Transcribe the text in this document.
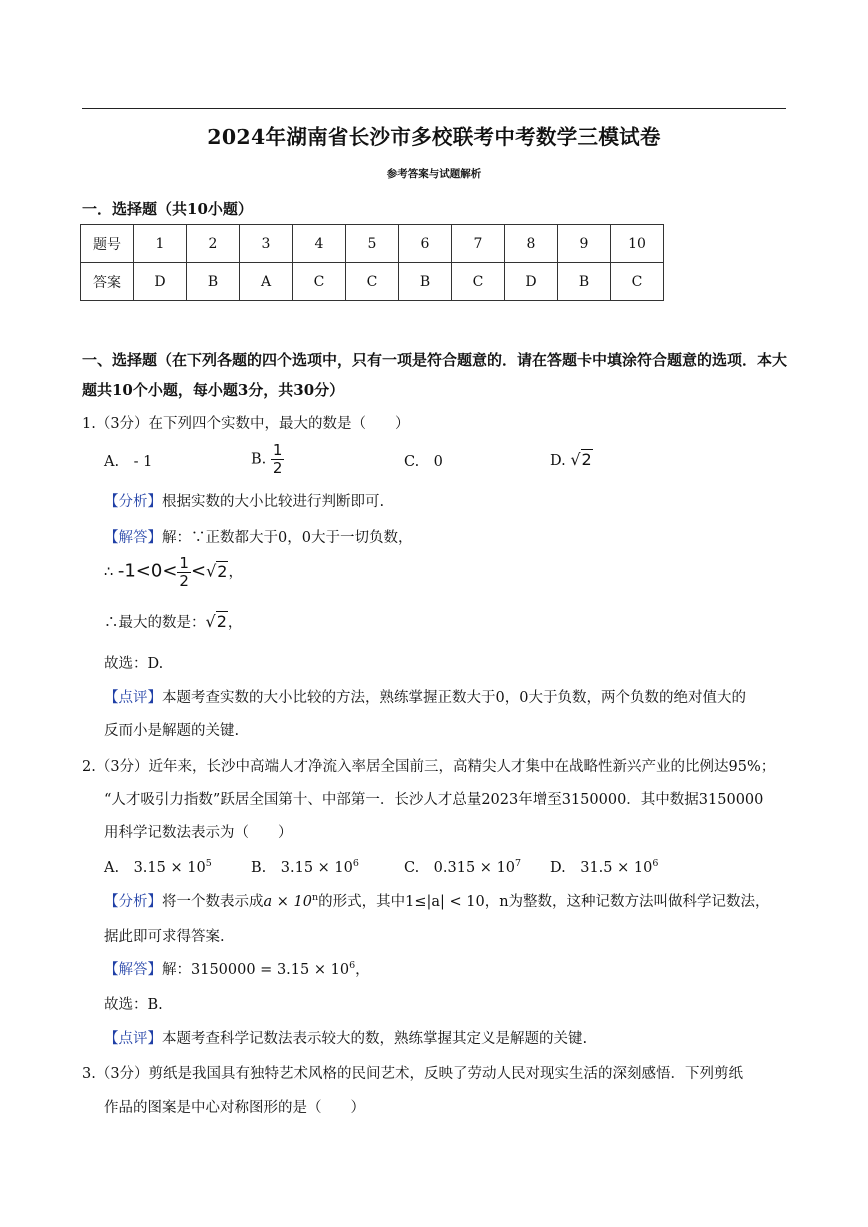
2024年湖南省长沙市多校联考中考数学三模试卷
参考答案与试题解析
一．选择题（共10小题）
题号	1	2	3	4	5	6	7	8	9	10
答案	D	B	A	C	C	B	C	D	B	C
一、选择题（在下列各题的四个选项中，只有一项是符合题意的．请在答题卡中填涂符合题意的选项．本大题共10个小题，每小题3分，共30分）
1.（3分）在下列四个实数中，最大的数是（　　）
A.　- 1	B. $\frac{1}{2}$	C.　0	D. √2
【分析】根据实数的大小比较进行判断即可.
【解答】解：∵正数都大于0，0大于一切负数，
∴ $-1<0< \frac{1}{2} <√2$，
∴最大的数是：√2，
故选：D.
【点评】本题考查实数的大小比较的方法，熟练掌握正数大于0，0大于负数，两个负数的绝对值大的
反而小是解题的关键.
2.（3分）近年来，长沙中高端人才净流入率居全国前三，高精尖人才集中在战略性新兴产业的比例达95%；
“人才吸引力指数”跃居全国第十、中部第一．长沙人才总量2023年增至3150000．其中数据3150000
用科学记数法表示为（　　）
A.　$3.15 \times 10^5$	B.　$3.15 \times 10^6$	C.　$0.315 \times 10^7$ D.　$31.5 \times 10^6$
【分析】将一个数表示成$a \times 10^n$的形式，其中1≤|a| < 10，n为整数，这种记数方法叫做科学记数法，
据此即可求得答案.
【解答】解：$3150000 = 3.15 \times 10^6$，
故选：B.
【点评】本题考查科学记数法表示较大的数，熟练掌握其定义是解题的关键.
3.（3分）剪纸是我国具有独特艺术风格的民间艺术，反映了劳动人民对现实生活的深刻感悟．下列剪纸
作品的图案是中心对称图形的是（　　）
